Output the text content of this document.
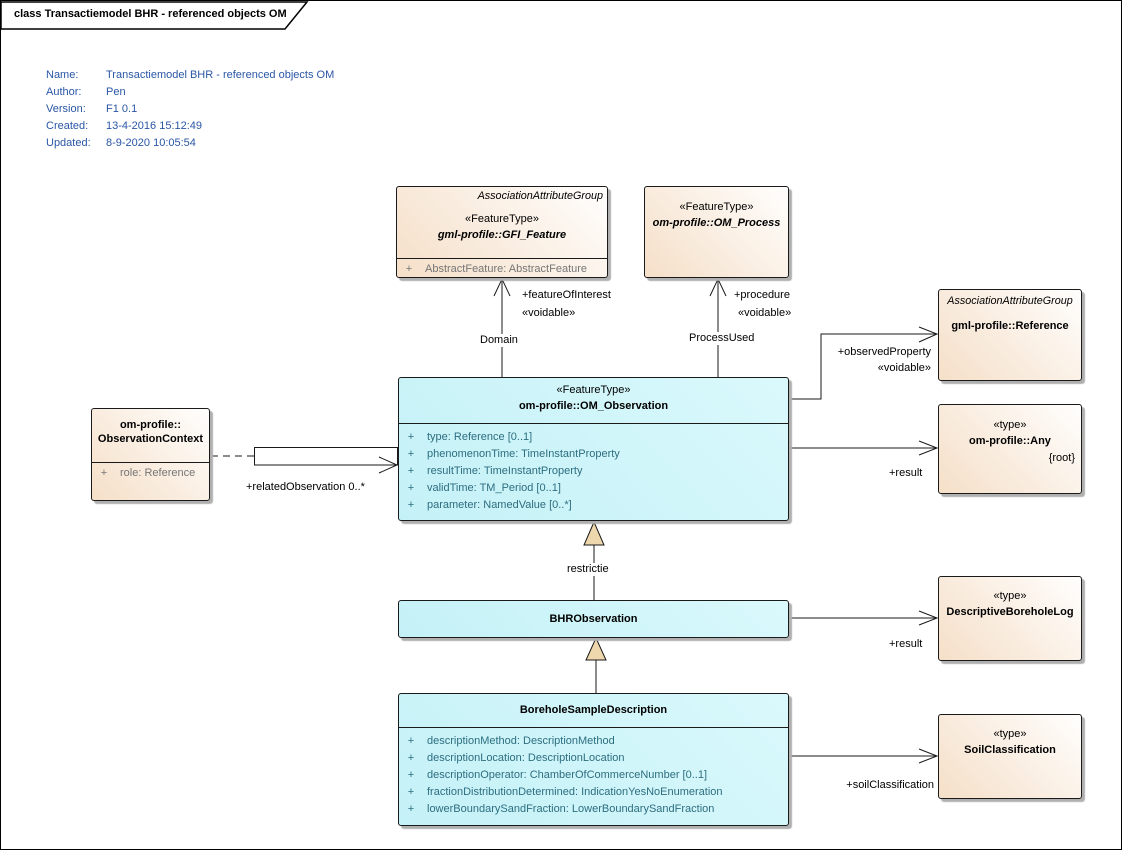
class Transactiemodel BHR - referenced objects OM
Name:	Transactiemodel BHR - referenced objects OM
Author: Pen
Version: F1 0.1
Created: 13-4-2016 15:12:49
Updated: 8-9-2020 10:05:54
AssociationAttributeGroup
«FeatureType»
gml-profile::GFI_Feature
+	AbstractFeature: AbstractFeature
«FeatureType»
om-profile::OM_Process
AssociationAttributeGroup
gml-profile::Reference
«type»
om-profile::Any
{root}
om-profile::
ObservationContext
+	role: Reference
«FeatureType»
om-profile::OM_Observation
+	type: Reference [0..1]
+	phenomenonTime: TimeInstantProperty
+	resultTime: TimeInstantProperty
+	validTime: TM_Period [0..1]
+	parameter: NamedValue [0..*]
BHRObservation
BoreholeSampleDescription
+	descriptionMethod: DescriptionMethod
+	descriptionLocation: DescriptionLocation
+	descriptionOperator: ChamberOfCommerceNumber [0..1]
+	fractionDistributionDetermined: IndicationYesNoEnumeration
+	lowerBoundarySandFraction: LowerBoundarySandFraction
«type»
DescriptiveBoreholeLog
«type»
SoilClassification
+featureOfInterest
«voidable»
Domain
+procedure
«voidable»
ProcessUsed
+observedProperty
«voidable»
+result
+relatedObservation 0..*
restrictie
+result
+soilClassification
